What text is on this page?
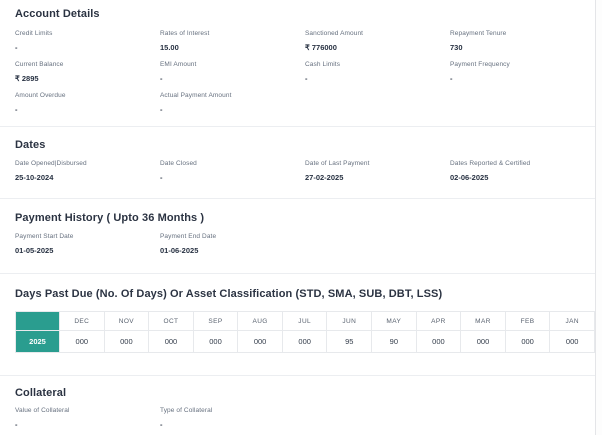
Account Details
Credit Limits
-
Rates of Interest
15.00
Sanctioned Amount
₹ 776000
Repayment Tenure
730
Current Balance
₹ 2895
EMI Amount
-
Cash Limits
-
Payment Frequency
-
Amount Overdue
-
Actual Payment Amount
-
Dates
Date Opened|Disbursed
25-10-2024
Date Closed
-
Date of Last Payment
27-02-2025
Dates Reported & Certified
02-06-2025
Payment History ( Upto 36 Months )
Payment Start Date
01-05-2025
Payment End Date
01-06-2025
Days Past Due (No. Of Days) Or Asset Classification (STD, SMA, SUB, DBT, LSS)
	DEC	NOV	OCT	SEP	AUG	JUL	JUN	MAY	APR	MAR	FEB	JAN
2025	000	000	000	000	000	000	95	90	000	000	000	000
Collateral
Value of Collateral
-
Type of Collateral
-
